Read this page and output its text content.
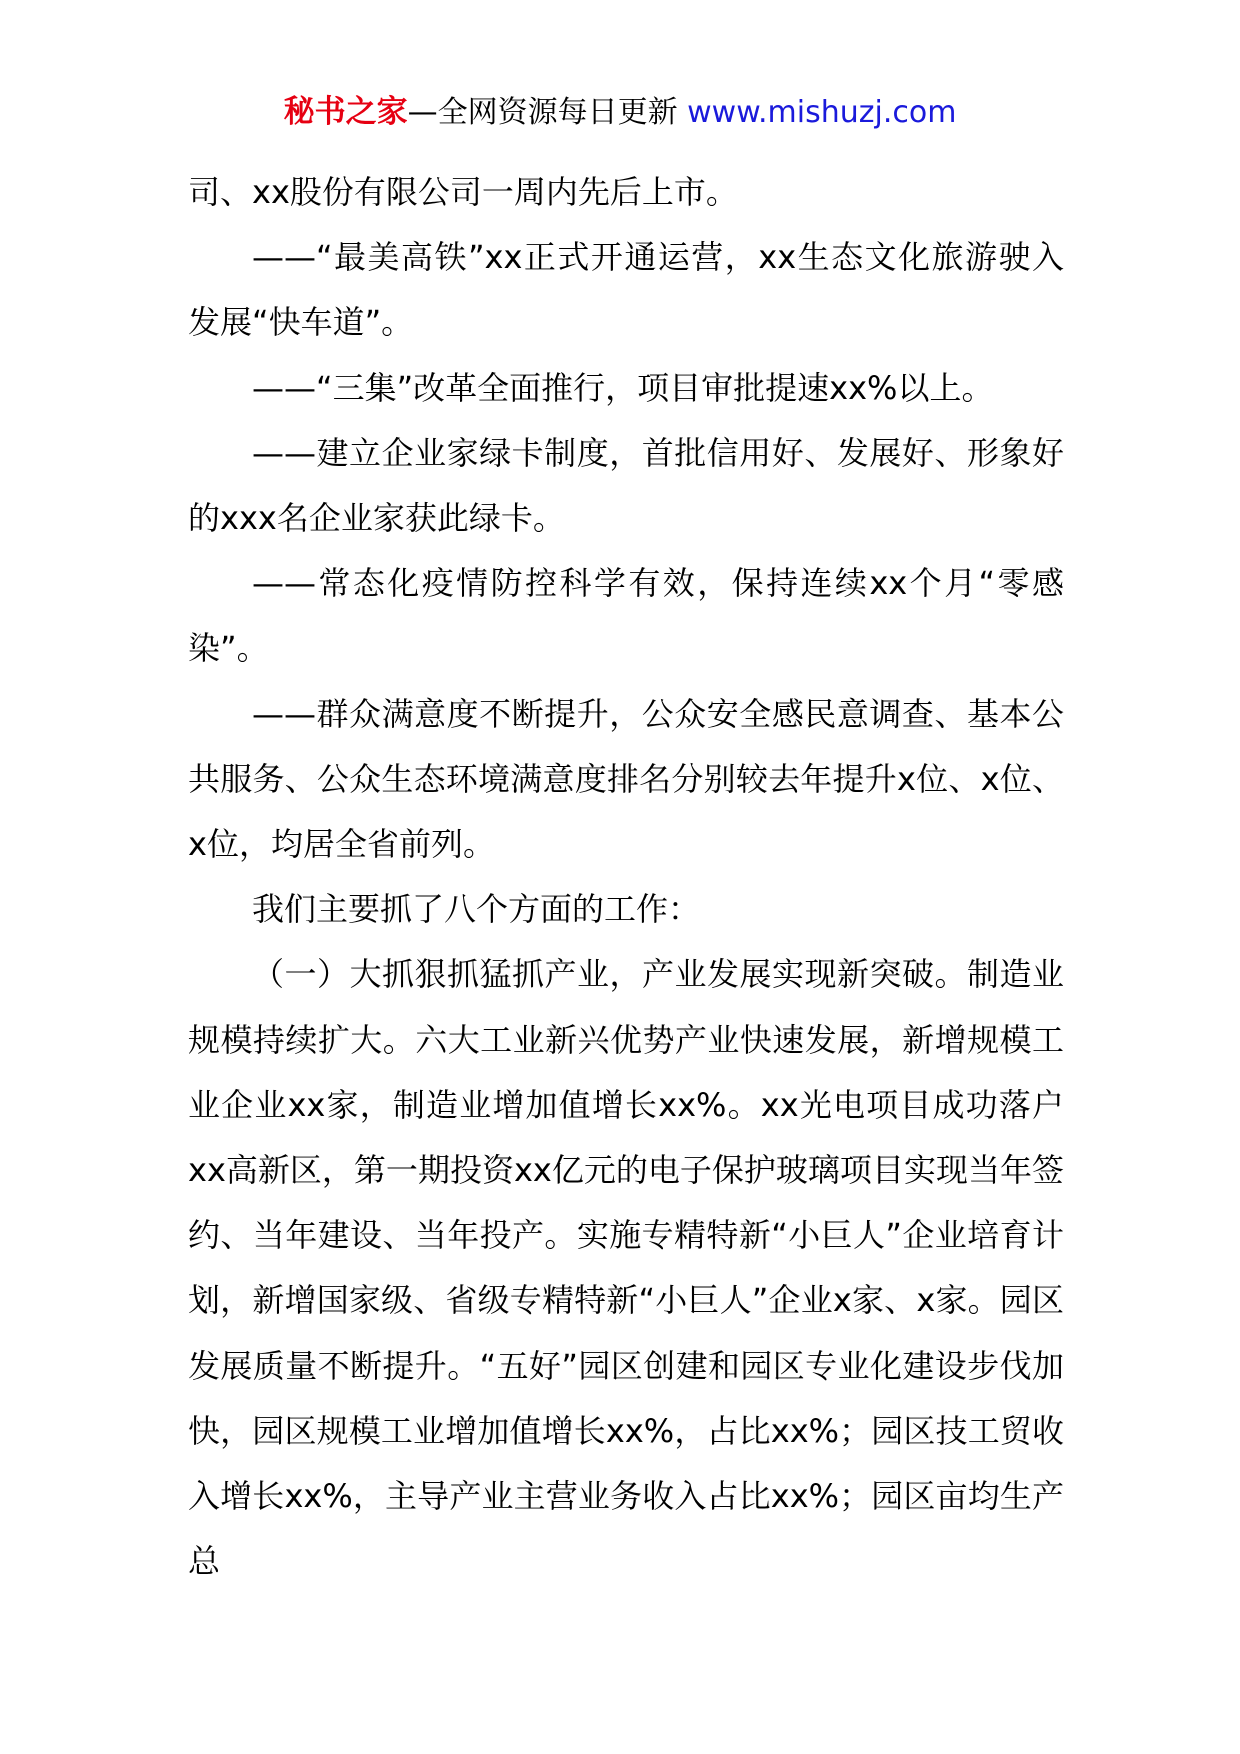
秘书之家—全网资源每日更新 www.mishuzj.com

司、xx股份有限公司一周内先后上市。

——“最美高铁”xx正式开通运营，xx生态文化旅游驶入发展“快车道”。

——“三集”改革全面推行，项目审批提速xx%以上。

——建立企业家绿卡制度，首批信用好、发展好、形象好的xxx名企业家获此绿卡。

——常态化疫情防控科学有效，保持连续xx个月“零感染”。

——群众满意度不断提升，公众安全感民意调查、基本公共服务、公众生态环境满意度排名分别较去年提升x位、x位、x位，均居全省前列。

我们主要抓了八个方面的工作：

（一）大抓狠抓猛抓产业，产业发展实现新突破。制造业规模持续扩大。六大工业新兴优势产业快速发展，新增规模工业企业xx家，制造业增加值增长xx%。xx光电项目成功落户xx高新区，第一期投资xx亿元的电子保护玻璃项目实现当年签约、当年建设、当年投产。实施专精特新“小巨人”企业培育计划，新增国家级、省级专精特新“小巨人”企业x家、x家。园区发展质量不断提升。“五好”园区创建和园区专业化建设步伐加快，园区规模工业增加值增长xx%，占比xx%；园区技工贸收入增长xx%，主导产业主营业务收入占比xx%；园区亩均生产总
